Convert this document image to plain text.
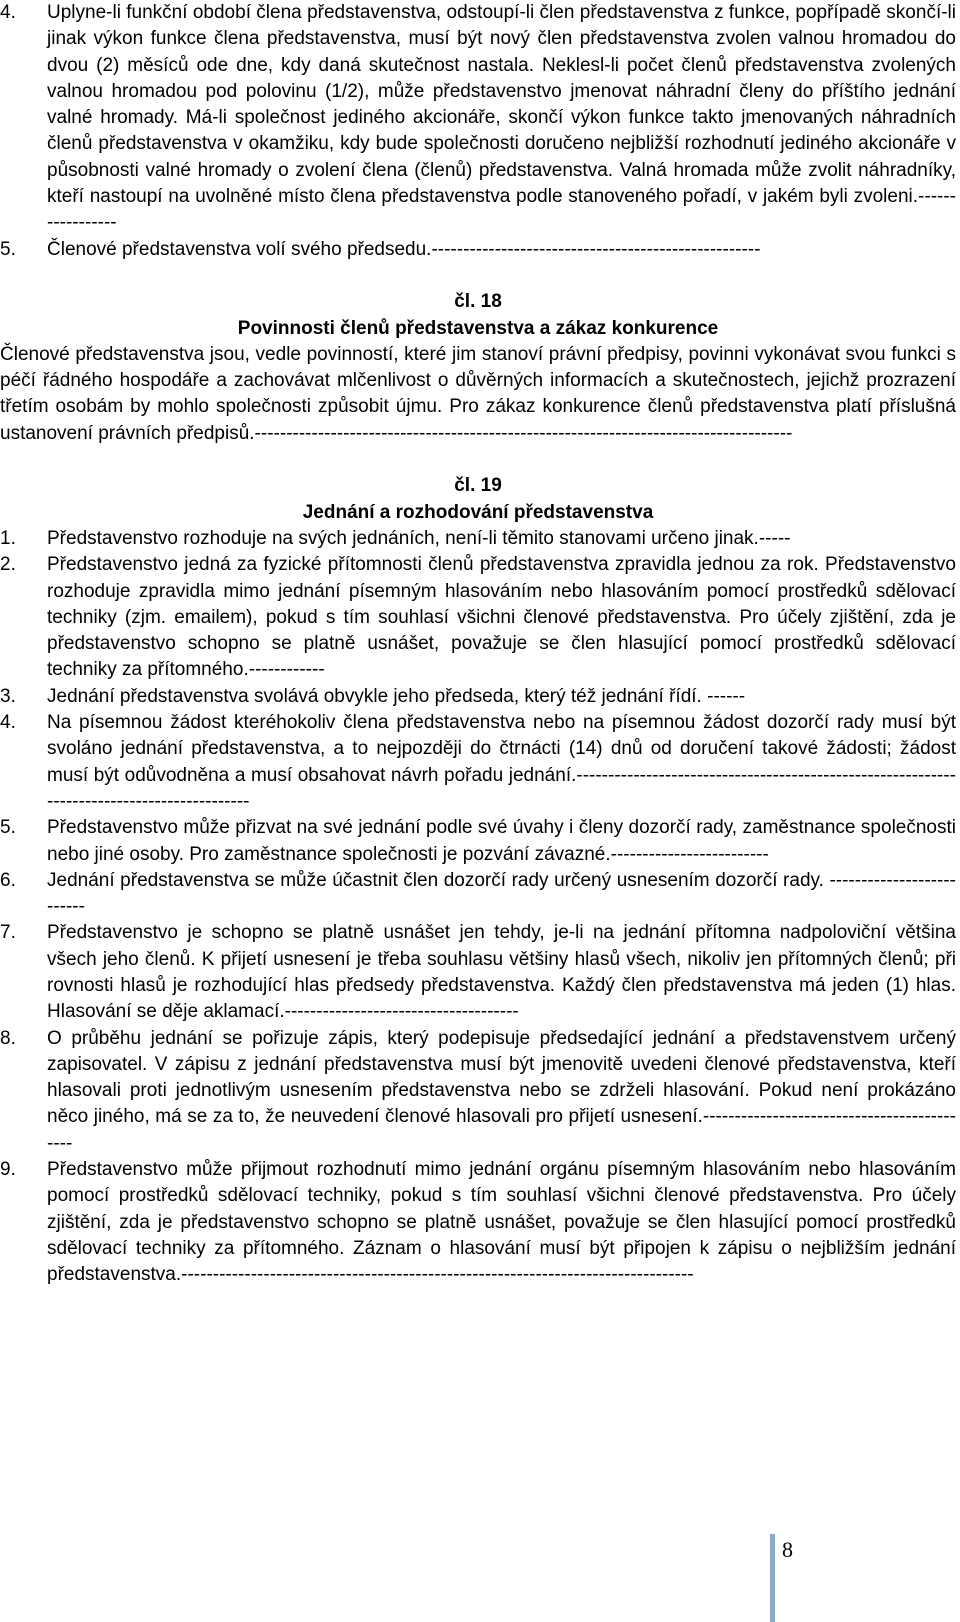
4.	Uplyne-li funkční období člena představenstva, odstoupí-li člen představenstva z funkce, popřípadě skončí-li jinak výkon funkce člena představenstva, musí být nový člen představenstva zvolen valnou hromadou do dvou (2) měsíců ode dne, kdy daná skutečnost nastala. Neklesl-li počet členů představenstva zvolených valnou hromadou pod polovinu (1/2), může představenstvo jmenovat náhradní členy do příštího jednání valné hromady. Má-li společnost jediného akcionáře, skončí výkon funkce takto jmenovaných náhradních členů představenstva v okamžiku, kdy bude společnosti doručeno nejbližší rozhodnutí jediného akcionáře v působnosti valné hromady o zvolení člena (členů) představenstva. Valná hromada může zvolit náhradníky, kteří nastoupí na uvolněné místo člena představenstva podle stanoveného pořadí, v jakém byli zvoleni.-----------------
5.	Členové představenstva volí svého předsedu.----------------------------------------------------

čl. 18

Povinnosti členů představenstva a zákaz konkurence

Členové představenstva jsou, vedle povinností, které jim stanoví právní předpisy, povinni vykonávat svou funkci s péčí řádného hospodáře a zachovávat mlčenlivost o důvěrných informacích a skutečnostech, jejichž prozrazení třetím osobám by mohlo společnosti způsobit újmu. Pro zákaz konkurence členů představenstva platí příslušná ustanovení právních předpisů.-------------------------------------------------------------------------------------

čl. 19

Jednání a rozhodování představenstva

1.	Představenstvo rozhoduje na svých jednáních, není-li těmito stanovami určeno jinak.-----
2.	Představenstvo jedná za fyzické přítomnosti členů představenstva zpravidla jednou za rok. Představenstvo rozhoduje zpravidla mimo jednání písemným hlasováním nebo hlasováním pomocí prostředků sdělovací techniky (zjm. emailem), pokud s tím souhlasí všichni členové představenstva. Pro účely zjištění, zda je představenstvo schopno se platně usnášet, považuje se člen hlasující pomocí prostředků sdělovací techniky za přítomného.------------
3.	Jednání představenstva svolává obvykle jeho předseda, který též jednání řídí. ------
4.	Na písemnou žádost kteréhokoliv člena představenstva nebo na písemnou žádost dozorčí rady musí být svoláno jednání představenstva, a to nejpozději do čtrnácti (14) dnů od doručení takové žádosti; žádost musí být odůvodněna a musí obsahovat návrh pořadu jednání.--------------------------------------------------------------------------------------------
5.	Představenstvo může přizvat na své jednání podle své úvahy i členy dozorčí rady, zaměstnance společnosti nebo jiné osoby. Pro zaměstnance společnosti je pozvání závazné.-------------------------
6.	Jednání představenstva se může účastnit člen dozorčí rady určený usnesením dozorčí rady. --------------------------
7.	Představenstvo je schopno se platně usnášet jen tehdy, je-li na jednání přítomna nadpoloviční většina všech jeho členů. K přijetí usnesení je třeba souhlasu většiny hlasů všech, nikoliv jen přítomných členů; při rovnosti hlasů je rozhodující hlas předsedy představenstva. Každý člen představenstva má jeden (1) hlas. Hlasování se děje aklamací.-------------------------------------
8.	O průběhu jednání se pořizuje zápis, který podepisuje předsedající jednání a představenstvem určený zapisovatel. V zápisu z jednání představenstva musí být jmenovitě uvedeni členové představenstva, kteří hlasovali proti jednotlivým usnesením představenstva nebo se zdrželi hlasování. Pokud není prokázáno něco jiného, má se za to, že neuvedení členové hlasovali pro přijetí usnesení.--------------------------------------------
9.	Představenstvo může přijmout rozhodnutí mimo jednání orgánu písemným hlasováním nebo hlasováním pomocí prostředků sdělovací techniky, pokud s tím souhlasí všichni členové představenstva. Pro účely zjištění, zda je představenstvo schopno se platně usnášet, považuje se člen hlasující pomocí prostředků sdělovací techniky za přítomného. Záznam o hlasování musí být připojen k zápisu o nejbližším jednání představenstva.---------------------------------------------------------------------------------
8
